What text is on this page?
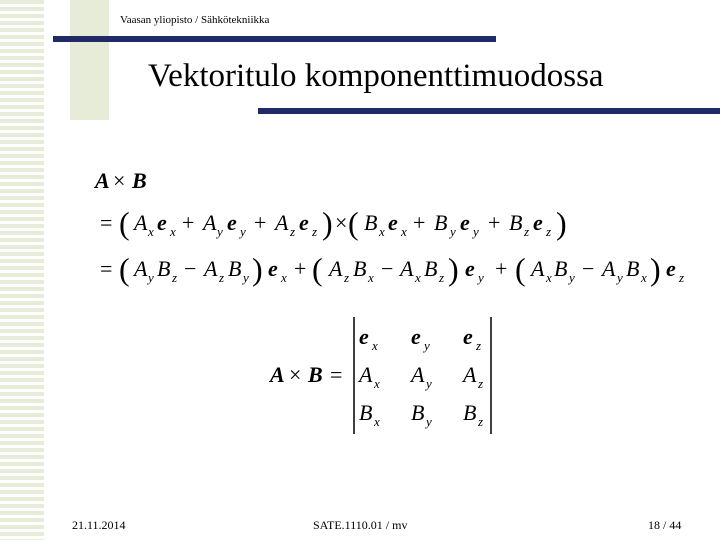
Vaasan yliopisto / Sähkötekniikka
Vektoritulo komponenttimuodossa
A × B
= ( A x e x + A y e y + A z e z ) × ( B x e x + B y e y + B z e z )
= ( A y B z − A z B y ) e x + ( A z B x − A x B z ) e y + ( A x B y − A y B x ) e z
A × B =
e x e y e z
A x A y A z
B x B y B z
21.11.2014	SATE.1110.01 / mv	18 / 44
